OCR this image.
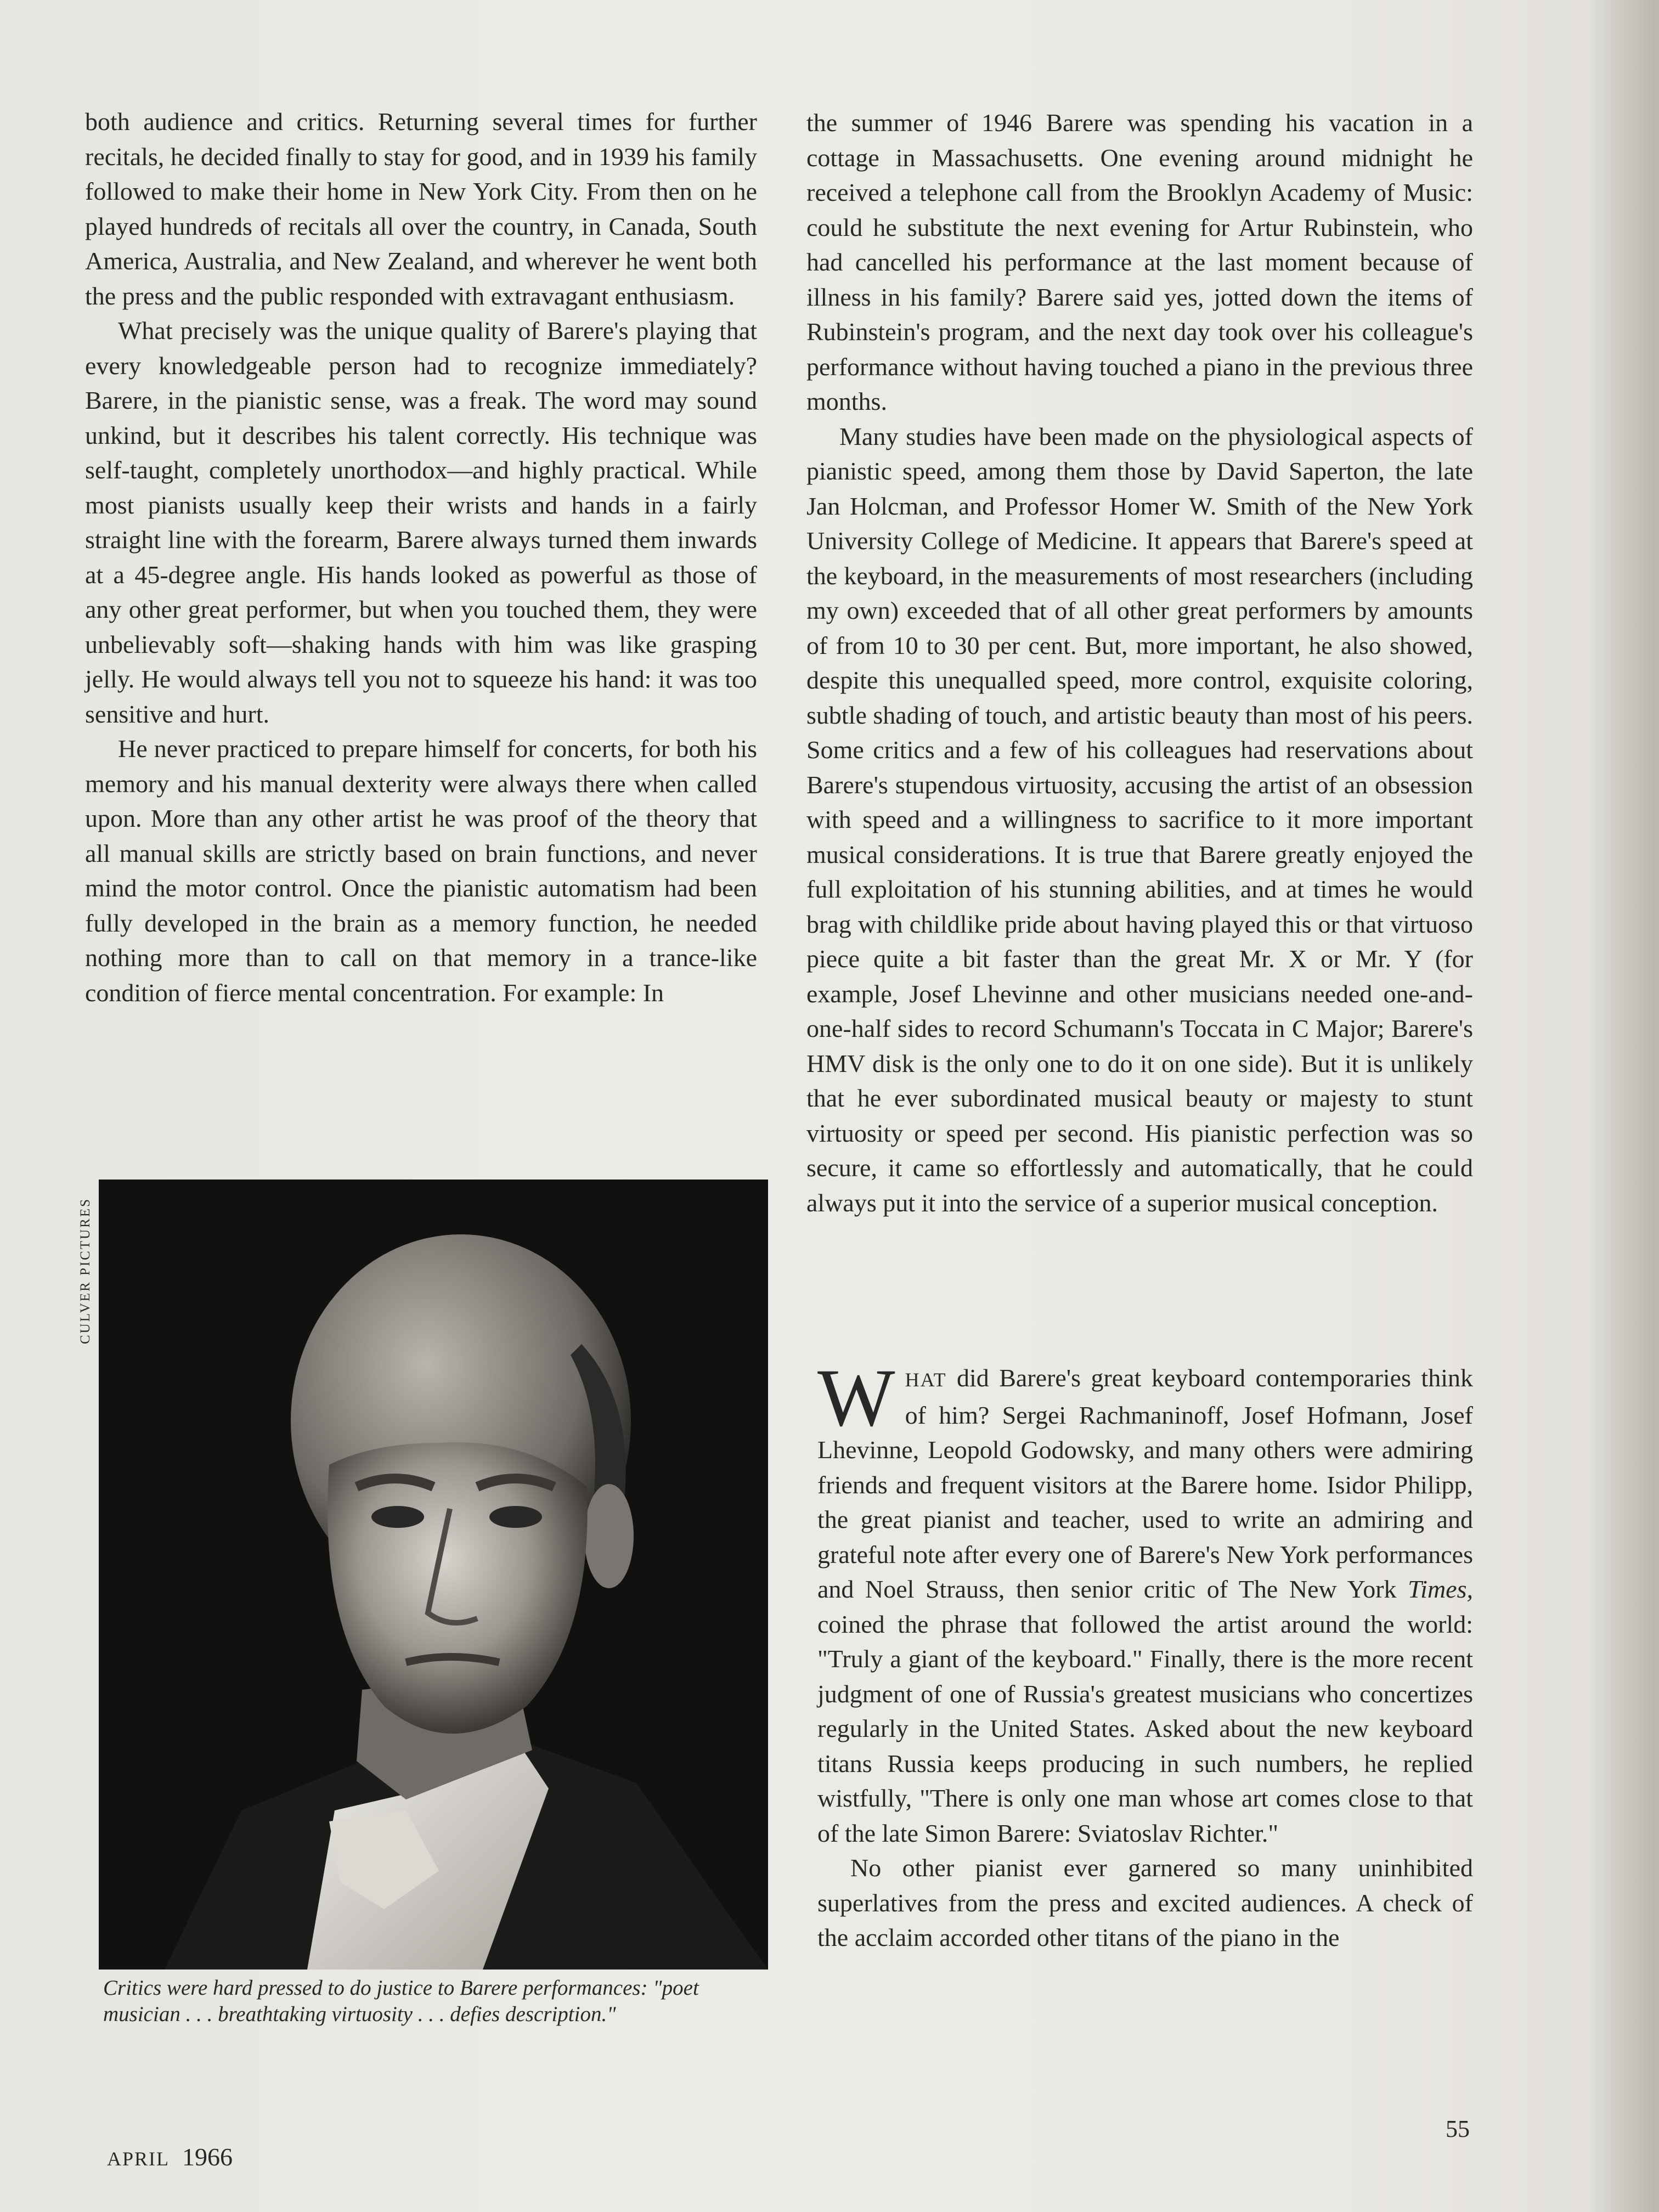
both audience and critics. Returning several times for further recitals, he decided finally to stay for good, and in 1939 his family followed to make their home in New York City. From then on he played hundreds of recitals all over the country, in Canada, South America, Australia, and New Zealand, and wherever he went both the press and the public responded with extravagant enthusiasm.

What precisely was the unique quality of Barere's playing that every knowledgeable person had to recognize immediately? Barere, in the pianistic sense, was a freak. The word may sound unkind, but it describes his talent correctly. His technique was self-taught, completely unorthodox—and highly practical. While most pianists usually keep their wrists and hands in a fairly straight line with the forearm, Barere always turned them inwards at a 45-degree angle. His hands looked as powerful as those of any other great performer, but when you touched them, they were unbelievably soft—shaking hands with him was like grasping jelly. He would always tell you not to squeeze his hand: it was too sensitive and hurt.

He never practiced to prepare himself for concerts, for both his memory and his manual dexterity were always there when called upon. More than any other artist he was proof of the theory that all manual skills are strictly based on brain functions, and never mind the motor control. Once the pianistic automatism had been fully developed in the brain as a memory function, he needed nothing more than to call on that memory in a trance-like condition of fierce mental concentration. For example: In

CULVER PICTURES
Critics were hard pressed to do justice to Barere performances: "poet musician . . . breathtaking virtuosity . . . defies description."

the summer of 1946 Barere was spending his vacation in a cottage in Massachusetts. One evening around midnight he received a telephone call from the Brooklyn Academy of Music: could he substitute the next evening for Artur Rubinstein, who had cancelled his performance at the last moment because of illness in his family? Barere said yes, jotted down the items of Rubinstein's program, and the next day took over his colleague's performance without having touched a piano in the previous three months.

Many studies have been made on the physiological aspects of pianistic speed, among them those by David Saperton, the late Jan Holcman, and Professor Homer W. Smith of the New York University College of Medicine. It appears that Barere's speed at the keyboard, in the measurements of most researchers (including my own) exceeded that of all other great performers by amounts of from 10 to 30 per cent. But, more important, he also showed, despite this unequalled speed, more control, exquisite coloring, subtle shading of touch, and artistic beauty than most of his peers. Some critics and a few of his colleagues had reservations about Barere's stupendous virtuosity, accusing the artist of an obsession with speed and a willingness to sacrifice to it more important musical considerations. It is true that Barere greatly enjoyed the full exploitation of his stunning abilities, and at times he would brag with childlike pride about having played this or that virtuoso piece quite a bit faster than the great Mr. X or Mr. Y (for example, Josef Lhevinne and other musicians needed one-and-one-half sides to record Schumann's Toccata in C Major; Barere's HMV disk is the only one to do it on one side). But it is unlikely that he ever subordinated musical beauty or majesty to stunt virtuosity or speed per second. His pianistic perfection was so secure, it came so effortlessly and automatically, that he could always put it into the service of a superior musical conception.

WHAT did Barere's great keyboard contemporaries think of him? Sergei Rachmaninoff, Josef Hofmann, Josef Lhevinne, Leopold Godowsky, and many others were admiring friends and frequent visitors at the Barere home. Isidor Philipp, the great pianist and teacher, used to write an admiring and grateful note after every one of Barere's New York performances and Noel Strauss, then senior critic of The New York Times, coined the phrase that followed the artist around the world: "Truly a giant of the keyboard." Finally, there is the more recent judgment of one of Russia's greatest musicians who concertizes regularly in the United States. Asked about the new keyboard titans Russia keeps producing in such numbers, he replied wistfully, "There is only one man whose art comes close to that of the late Simon Barere: Sviatoslav Richter."

No other pianist ever garnered so many uninhibited superlatives from the press and excited audiences. A check of the acclaim accorded other titans of the piano in the

APRIL 1966
55
